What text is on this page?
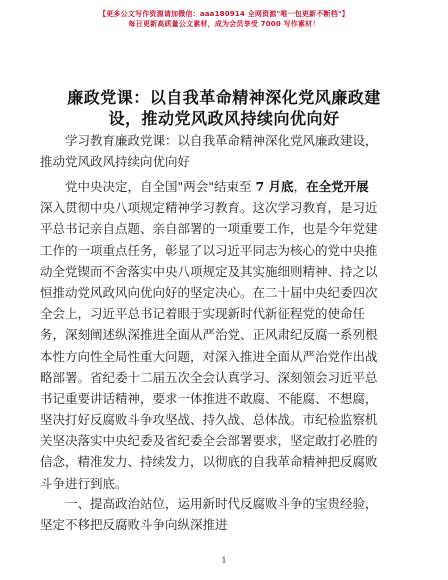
【更多公文写作资源请加微信：aaa180914 全网资源"唯一包更新不断档"】
每日更新高质量公文素材，成为会员享受 7000 写作素材！
廉政党课：以自我革命精神深化党风廉政建
设，推动党风政风持续向优向好
学习教育廉政党课：以自我革命精神深化党风廉政建设，
推动党风政风持续向优向好
党中央决定，自全国"两会"结束至 7 月底，在全党开展
深入贯彻中央八项规定精神学习教育。这次学习教育，是习近
平总书记亲自点题、亲自部署的一项重要工作，也是今年党建
工作的一项重点任务，彰显了以习近平同志为核心的党中央推
动全党锲而不舍落实中央八项规定及其实施细则精神、持之以
恒推动党风政风向优向好的坚定决心。在二十届中央纪委四次
全会上，习近平总书记着眼于实现新时代新征程党的使命任
务，深刻阐述纵深推进全面从严治党、正风肃纪反腐一系列根
本性方向性全局性重大问题，对深入推进全面从严治党作出战
略部署。省纪委十二届五次全会认真学习、深刻领会习近平总
书记重要讲话精神，要求一体推进不敢腐、不能腐、不想腐，
坚决打好反腐败斗争攻坚战、持久战、总体战。市纪检监察机
关坚决落实中央纪委及省纪委全会部署要求，坚定敢打必胜的
信念，精准发力、持续发力，以彻底的自我革命精神把反腐败
斗争进行到底。
一、提高政治站位，运用新时代反腐败斗争的宝贵经验，
坚定不移把反腐败斗争向纵深推进
1
